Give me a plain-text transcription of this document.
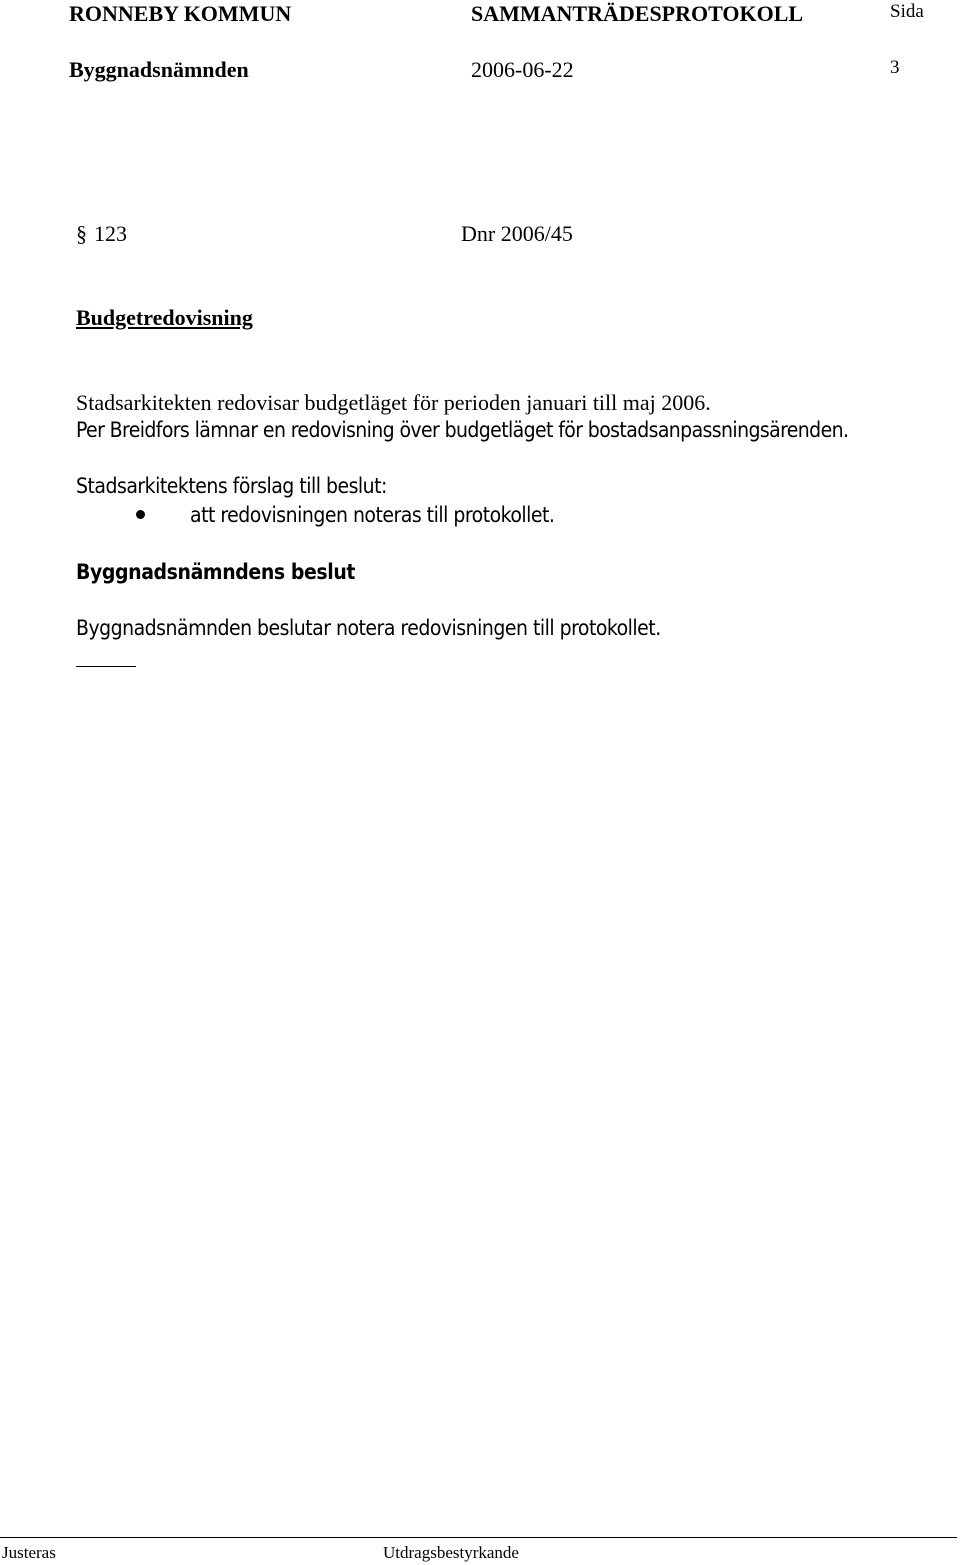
RONNEBY KOMMUN	SAMMANTRÄDESPROTOKOLL	Sida
Byggnadsnämnden	2006-06-22	3
§ 123	Dnr 2006/45
Budgetredovisning
Stadsarkitekten redovisar budgetläget för perioden januari till maj 2006.
Per Breidfors lämnar en redovisning över budgetläget för bostadsanpassningsärenden.
Stadsarkitektens förslag till beslut:
att redovisningen noteras till protokollet.
Byggnadsnämndens beslut
Byggnadsnämnden beslutar notera redovisningen till protokollet.
Justeras	Utdragsbestyrkande
